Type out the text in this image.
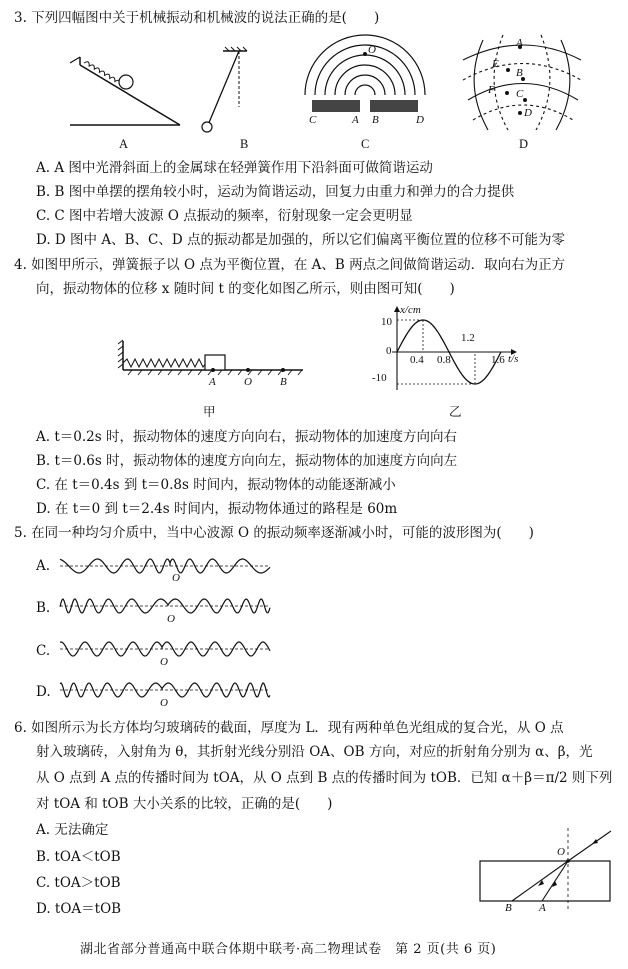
3. 下列四幅图中关于机械振动和机械波的说法正确的是(　　)
O
C	A B	D
A
E
B
F C
D
A	B	C	D
A. A 图中光滑斜面上的金属球在轻弹簧作用下沿斜面可做简谐运动
B. B 图中单摆的摆角较小时，运动为简谐运动，回复力由重力和弹力的合力提供
C. C 图中若增大波源 O 点振动的频率，衍射现象一定会更明显
D. D 图中 A、B、C、D 点的振动都是加强的，所以它们偏离平衡位置的位移不可能为零
4. 如图甲所示，弹簧振子以 O 点为平衡位置，在 A、B 两点之间做简谐运动．取向右为正方
向，振动物体的位移 x 随时间 t 的变化如图乙所示，则由图可知(　　)
A	O	B
甲
x/cm
10
0
-10
0.4 0.8
1.2
1.6 t/s
乙
A. t＝0.2s 时，振动物体的速度方向向右，振动物体的加速度方向向右
B. t＝0.6s 时，振动物体的速度方向向左，振动物体的加速度方向向左
C. 在 t＝0.4s 到 t＝0.8s 时间内，振动物体的动能逐渐减小
D. 在 t＝0 到 t＝2.4s 时间内，振动物体通过的路程是 60m
5. 在同一种均匀介质中，当中心波源 O 的振动频率逐渐减小时，可能的波形图为(　　)
A.
B.
C.
D.
O
O
O
O
6. 如图所示为长方体均匀玻璃砖的截面，厚度为 L．现有两种单色光组成的复合光，从 O 点
射入玻璃砖，入射角为 θ，其折射光线分别沿 OA、OB 方向，对应的折射角分别为 α、β，光
从 O 点到 A 点的传播时间为 tOA，从 O 点到 B 点的传播时间为 tOB．已知 α＋β＝π/2 则下列
对 tOA 和 tOB 大小关系的比较，正确的是(　　)
A. 无法确定
B. tOA＜tOB
C. tOA＞tOB
D. tOA＝tOB
O
B A
湖北省部分普通高中联合体期中联考·高二物理试卷　第 2 页(共 6 页)
